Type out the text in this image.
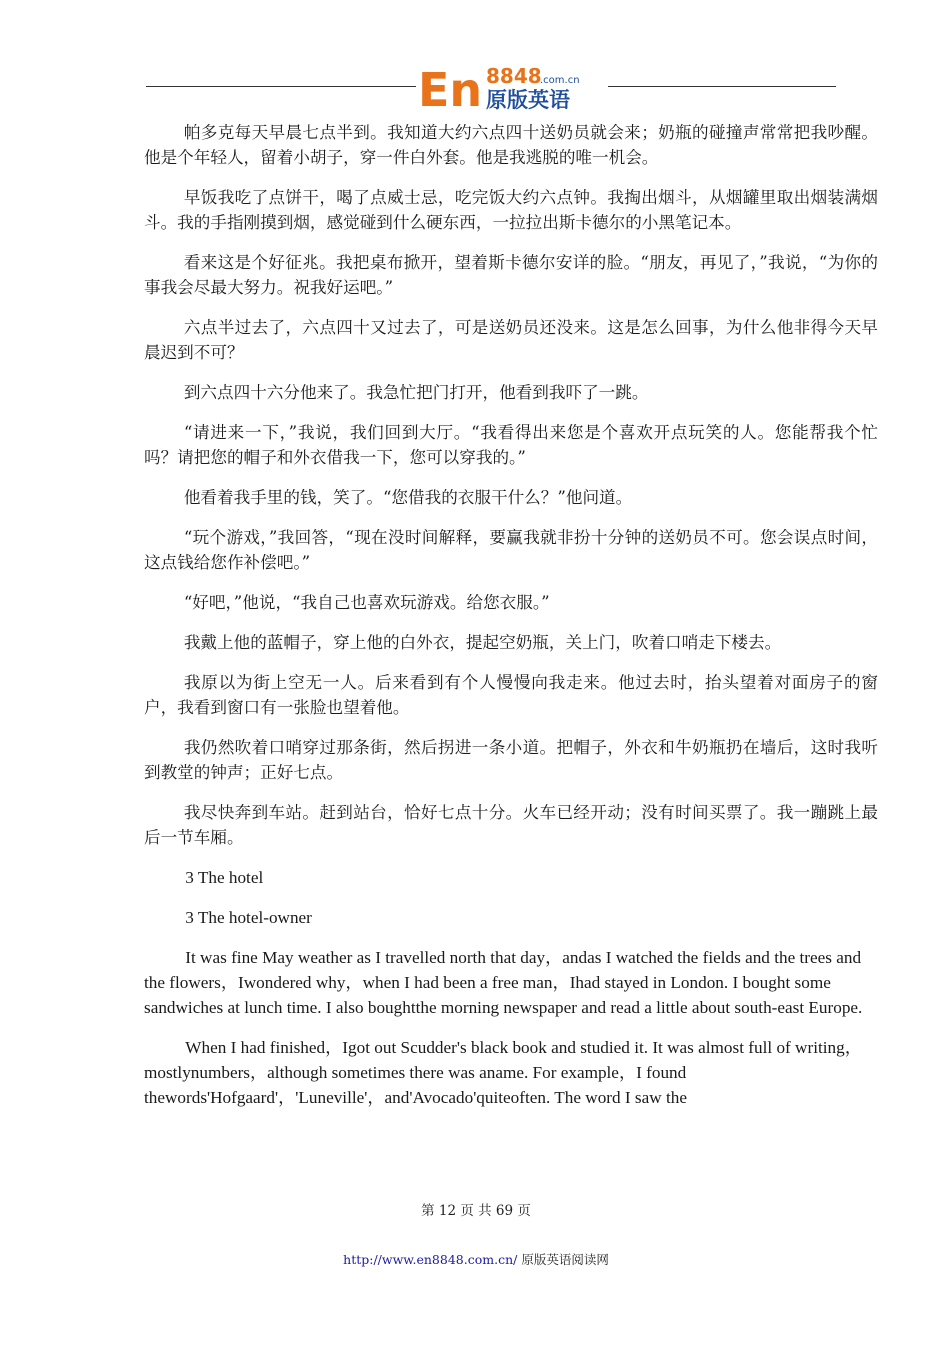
En 8848
.com.cn
原版英语

帕多克每天早晨七点半到。我知道大约六点四十送奶员就会来；奶瓶的碰撞声常常把我吵醒。他是个年轻人，留着小胡子，穿一件白外套。他是我逃脱的唯一机会。

早饭我吃了点饼干，喝了点威士忌，吃完饭大约六点钟。我掏出烟斗，从烟罐里取出烟装满烟斗。我的手指刚摸到烟，感觉碰到什么硬东西，一拉拉出斯卡德尔的小黑笔记本。

看来这是个好征兆。我把桌布掀开，望着斯卡德尔安详的脸。“朋友，再见了，”我说，“为你的事我会尽最大努力。祝我好运吧。”

六点半过去了，六点四十又过去了，可是送奶员还没来。这是怎么回事，为什么他非得今天早晨迟到不可？

到六点四十六分他来了。我急忙把门打开，他看到我吓了一跳。

“请进来一下，”我说，我们回到大厅。“我看得出来您是个喜欢开点玩笑的人。您能帮我个忙吗？请把您的帽子和外衣借我一下，您可以穿我的。”

他看着我手里的钱，笑了。“您借我的衣服干什么？”他问道。

“玩个游戏，”我回答，“现在没时间解释，要赢我就非扮十分钟的送奶员不可。您会误点时间，这点钱给您作补偿吧。”

“好吧，”他说，“我自己也喜欢玩游戏。给您衣服。”

我戴上他的蓝帽子，穿上他的白外衣，提起空奶瓶，关上门，吹着口哨走下楼去。

我原以为街上空无一人。后来看到有个人慢慢向我走来。他过去时，抬头望着对面房子的窗户，我看到窗口有一张脸也望着他。

我仍然吹着口哨穿过那条街，然后拐进一条小道。把帽子，外衣和牛奶瓶扔在墙后，这时我听到教堂的钟声；正好七点。

我尽快奔到车站。赶到站台，恰好七点十分。火车已经开动；没有时间买票了。我一蹦跳上最后一节车厢。

3 The hotel

3 The hotel-owner

It was fine May weather as I travelled north that day，andas I watched the fields and the trees and the flowers，Iwondered why，when I had been a free man，Ihad stayed in London. I bought some sandwiches at lunch time. I also boughtthe morning newspaper and read a little about south-east Europe.

When I had finished，Igot out Scudder's black book and studied it. It was almost full of writing，mostlynumbers，although sometimes there was aname. For example，I found thewords'Hofgaard'，'Luneville'，and'Avocado'quiteoften. The word I saw the

第 12 页 共 69 页
http://www.en8848.com.cn/ 原版英语阅读网
